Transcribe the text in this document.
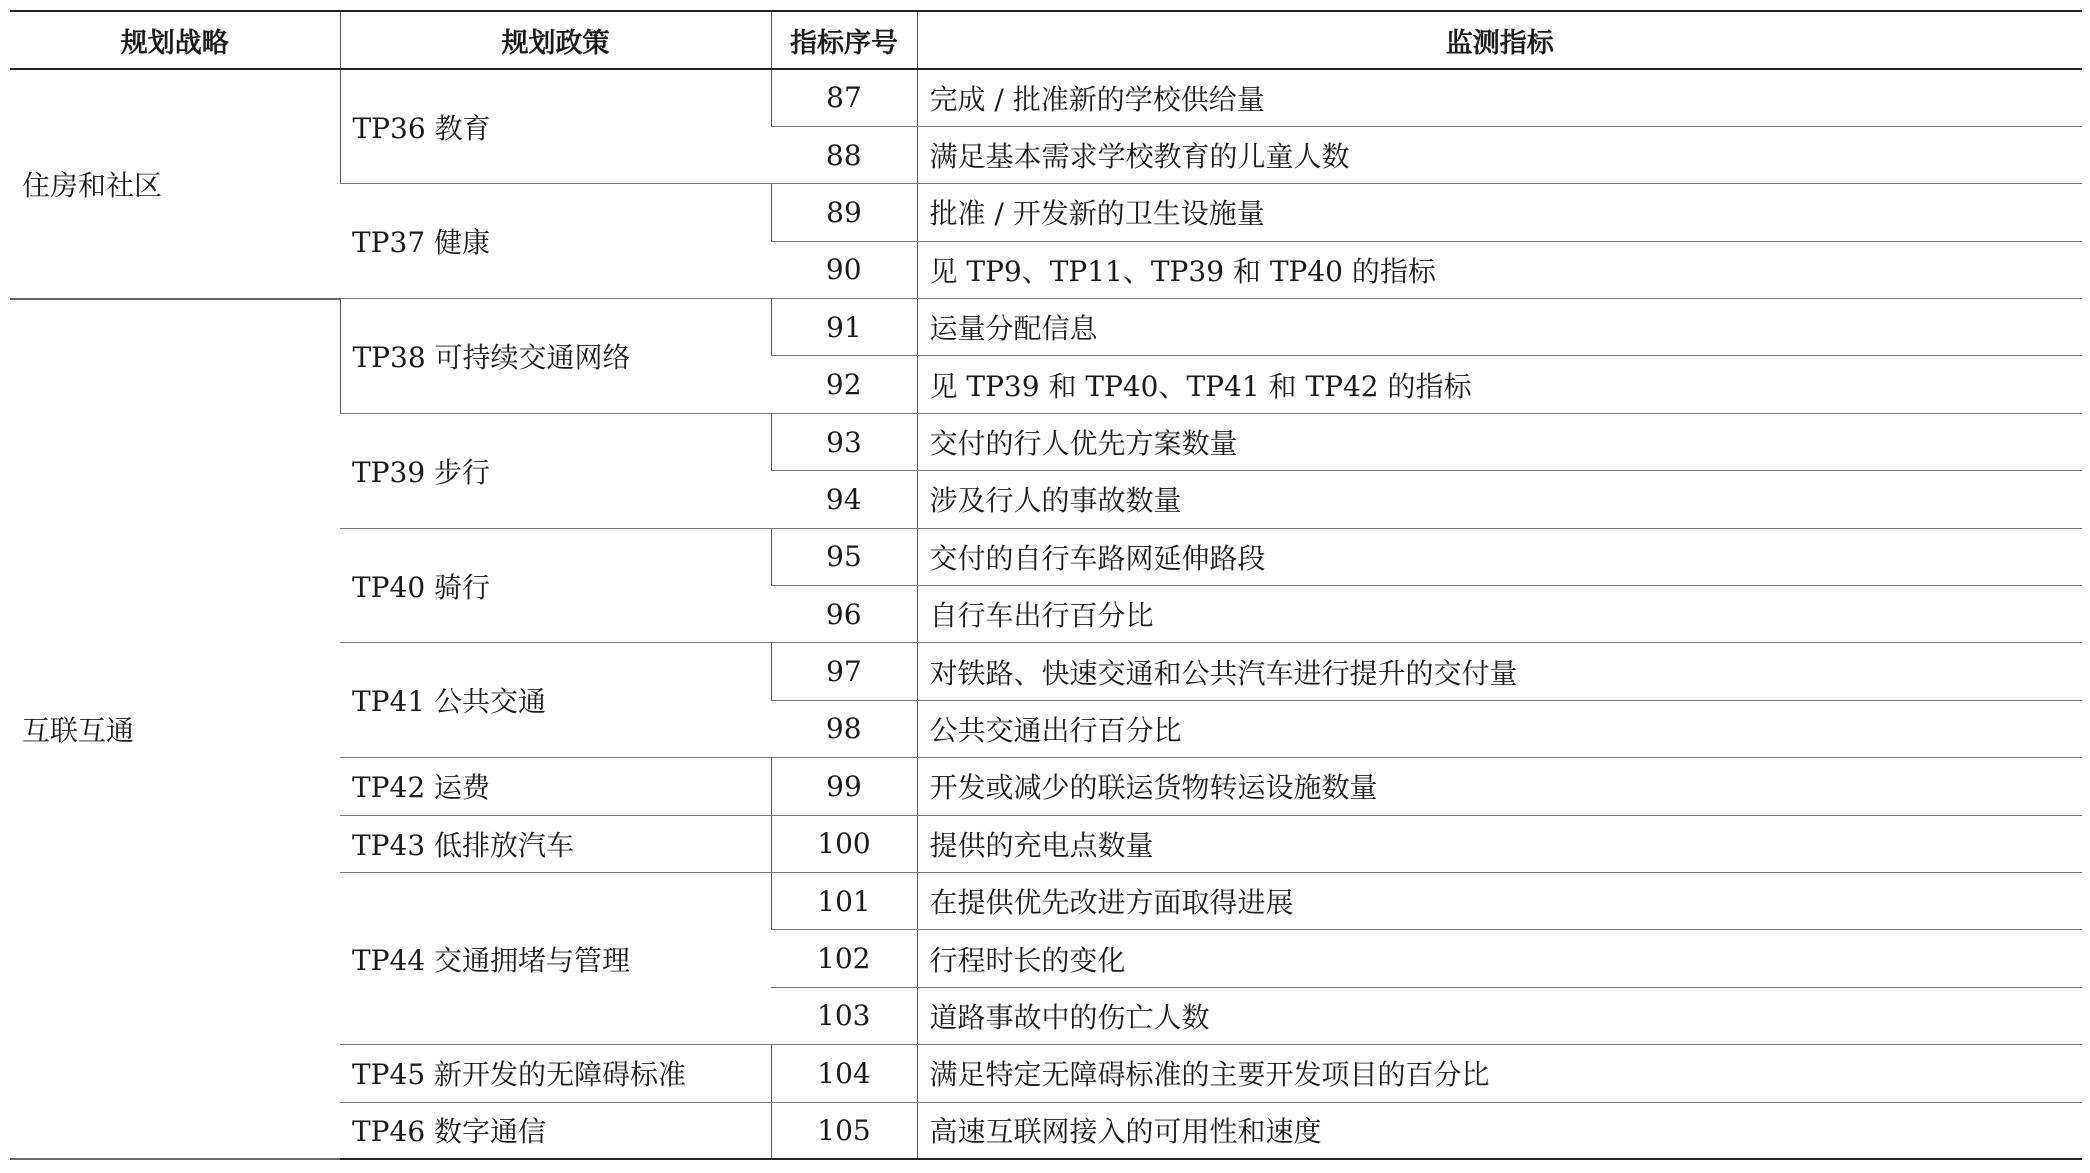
规划战略	规划政策	指标序号	监测指标
住房和社区	TP36 教育	87	完成 / 批准新的学校供给量
		88	满足基本需求学校教育的儿童人数
	TP37 健康	89	批准 / 开发新的卫生设施量
		90	见 TP9、TP11、TP39 和 TP40 的指标
互联互通	TP38 可持续交通网络	91	运量分配信息
		92	见 TP39 和 TP40、TP41 和 TP42 的指标
	TP39 步行	93	交付的行人优先方案数量
		94	涉及行人的事故数量
	TP40 骑行	95	交付的自行车路网延伸路段
		96	自行车出行百分比
	TP41 公共交通	97	对铁路、快速交通和公共汽车进行提升的交付量
		98	公共交通出行百分比
	TP42 运费	99	开发或减少的联运货物转运设施数量
	TP43 低排放汽车	100	提供的充电点数量
	TP44 交通拥堵与管理	101	在提供优先改进方面取得进展
		102	行程时长的变化
		103	道路事故中的伤亡人数
	TP45 新开发的无障碍标准	104	满足特定无障碍标准的主要开发项目的百分比
	TP46 数字通信	105	高速互联网接入的可用性和速度
